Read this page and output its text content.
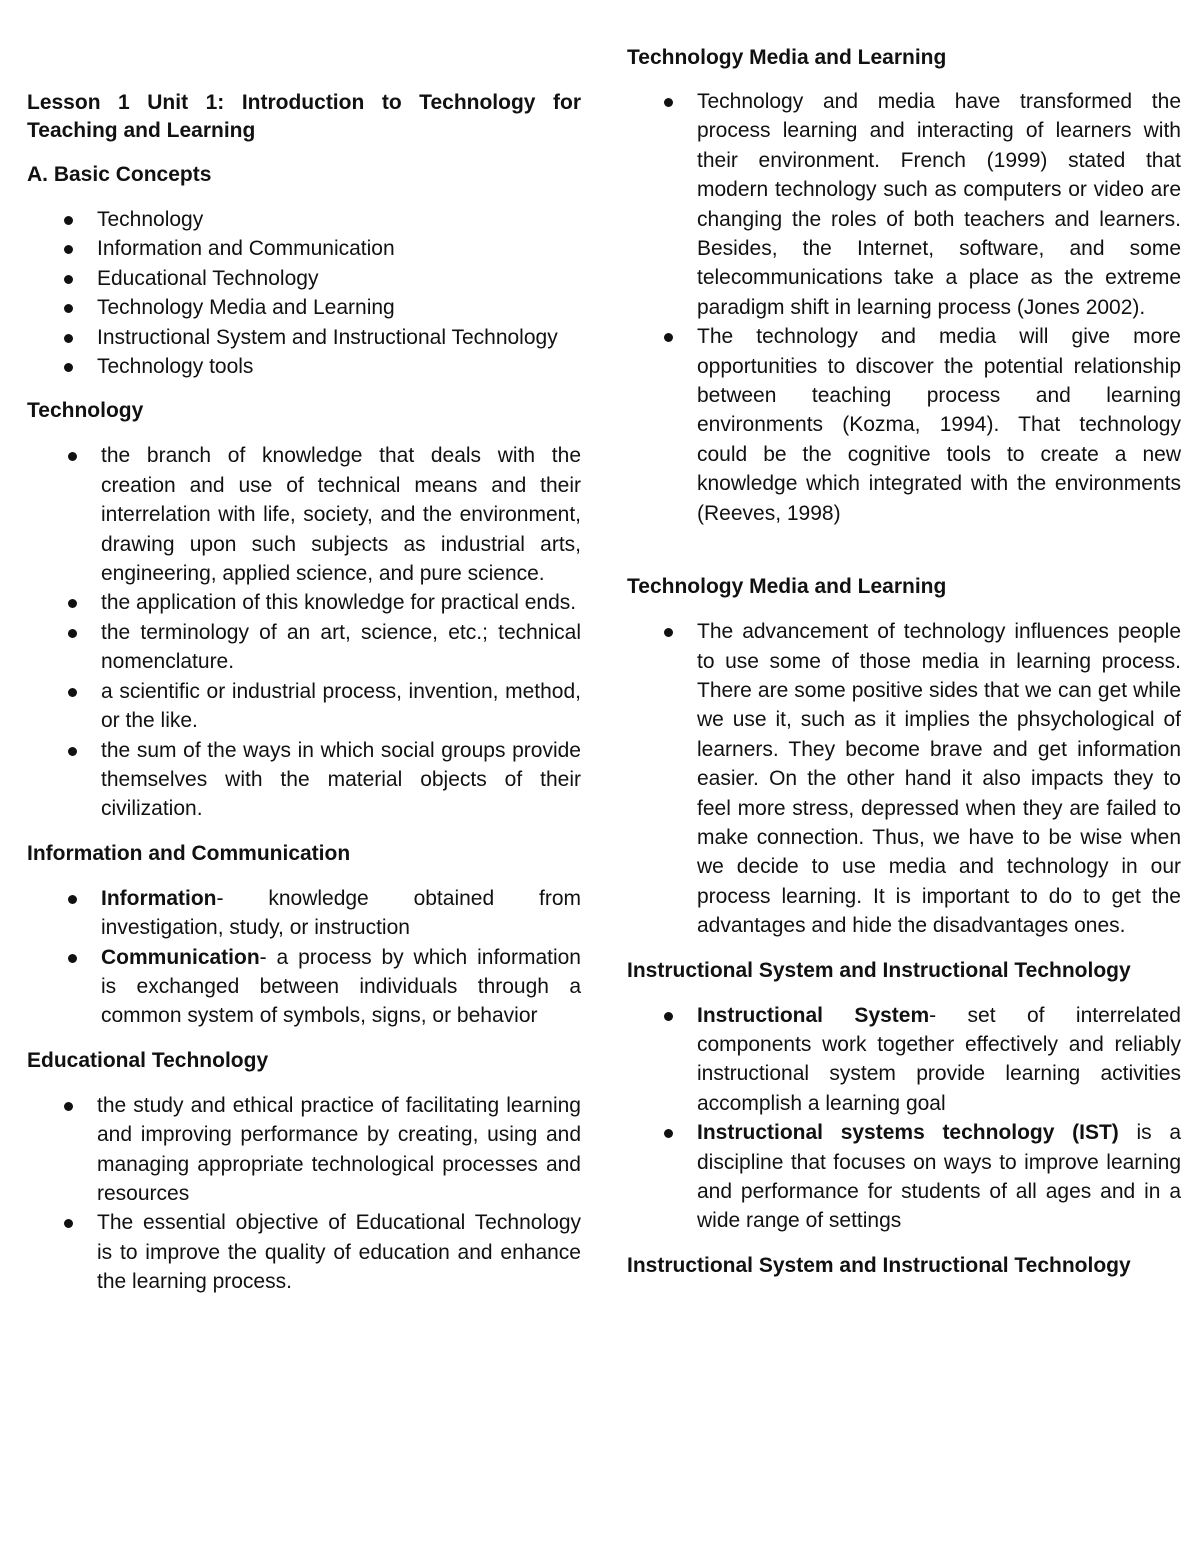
Lesson 1 Unit 1: Introduction to Technology for Teaching and Learning
A. Basic Concepts
Technology
Information and Communication
Educational Technology
Technology Media and Learning
Instructional System and Instructional Technology
Technology tools
Technology
the branch of knowledge that deals with the creation and use of technical means and their interrelation with life, society, and the environment, drawing upon such subjects as industrial arts, engineering, applied science, and pure science.
the application of this knowledge for practical ends.
the terminology of an art, science, etc.; technical nomenclature.
a scientific or industrial process, invention, method, or the like.
the sum of the ways in which social groups provide themselves with the material objects of their civilization.
Information and Communication
Information- knowledge obtained from investigation, study, or instruction
Communication- a process by which information is exchanged between individuals through a common system of symbols, signs, or behavior
Educational Technology
the study and ethical practice of facilitating learning and improving performance by creating, using and managing appropriate technological processes and resources
The essential objective of Educational Technology is to improve the quality of education and enhance the learning process.
Technology Media and Learning
Technology and media have transformed the process learning and interacting of learners with their environment. French (1999) stated that modern technology such as computers or video are changing the roles of both teachers and learners. Besides, the Internet, software, and some telecommunications take a place as the extreme paradigm shift in learning process (Jones 2002).
The technology and media will give more opportunities to discover the potential relationship between teaching process and learning environments (Kozma, 1994). That technology could be the cognitive tools to create a new knowledge which integrated with the environments (Reeves, 1998)
Technology Media and Learning
The advancement of technology influences people to use some of those media in learning process. There are some positive sides that we can get while we use it, such as it implies the phsychological of learners. They become brave and get information easier. On the other hand it also impacts they to feel more stress, depressed when they are failed to make connection. Thus, we have to be wise when we decide to use media and technology in our process learning. It is important to do to get the advantages and hide the disadvantages ones.
Instructional System and Instructional Technology
Instructional System- set of interrelated components work together effectively and reliably instructional system provide learning activities accomplish a learning goal
Instructional systems technology (IST) is a discipline that focuses on ways to improve learning and performance for students of all ages and in a wide range of settings
Instructional System and Instructional Technology
